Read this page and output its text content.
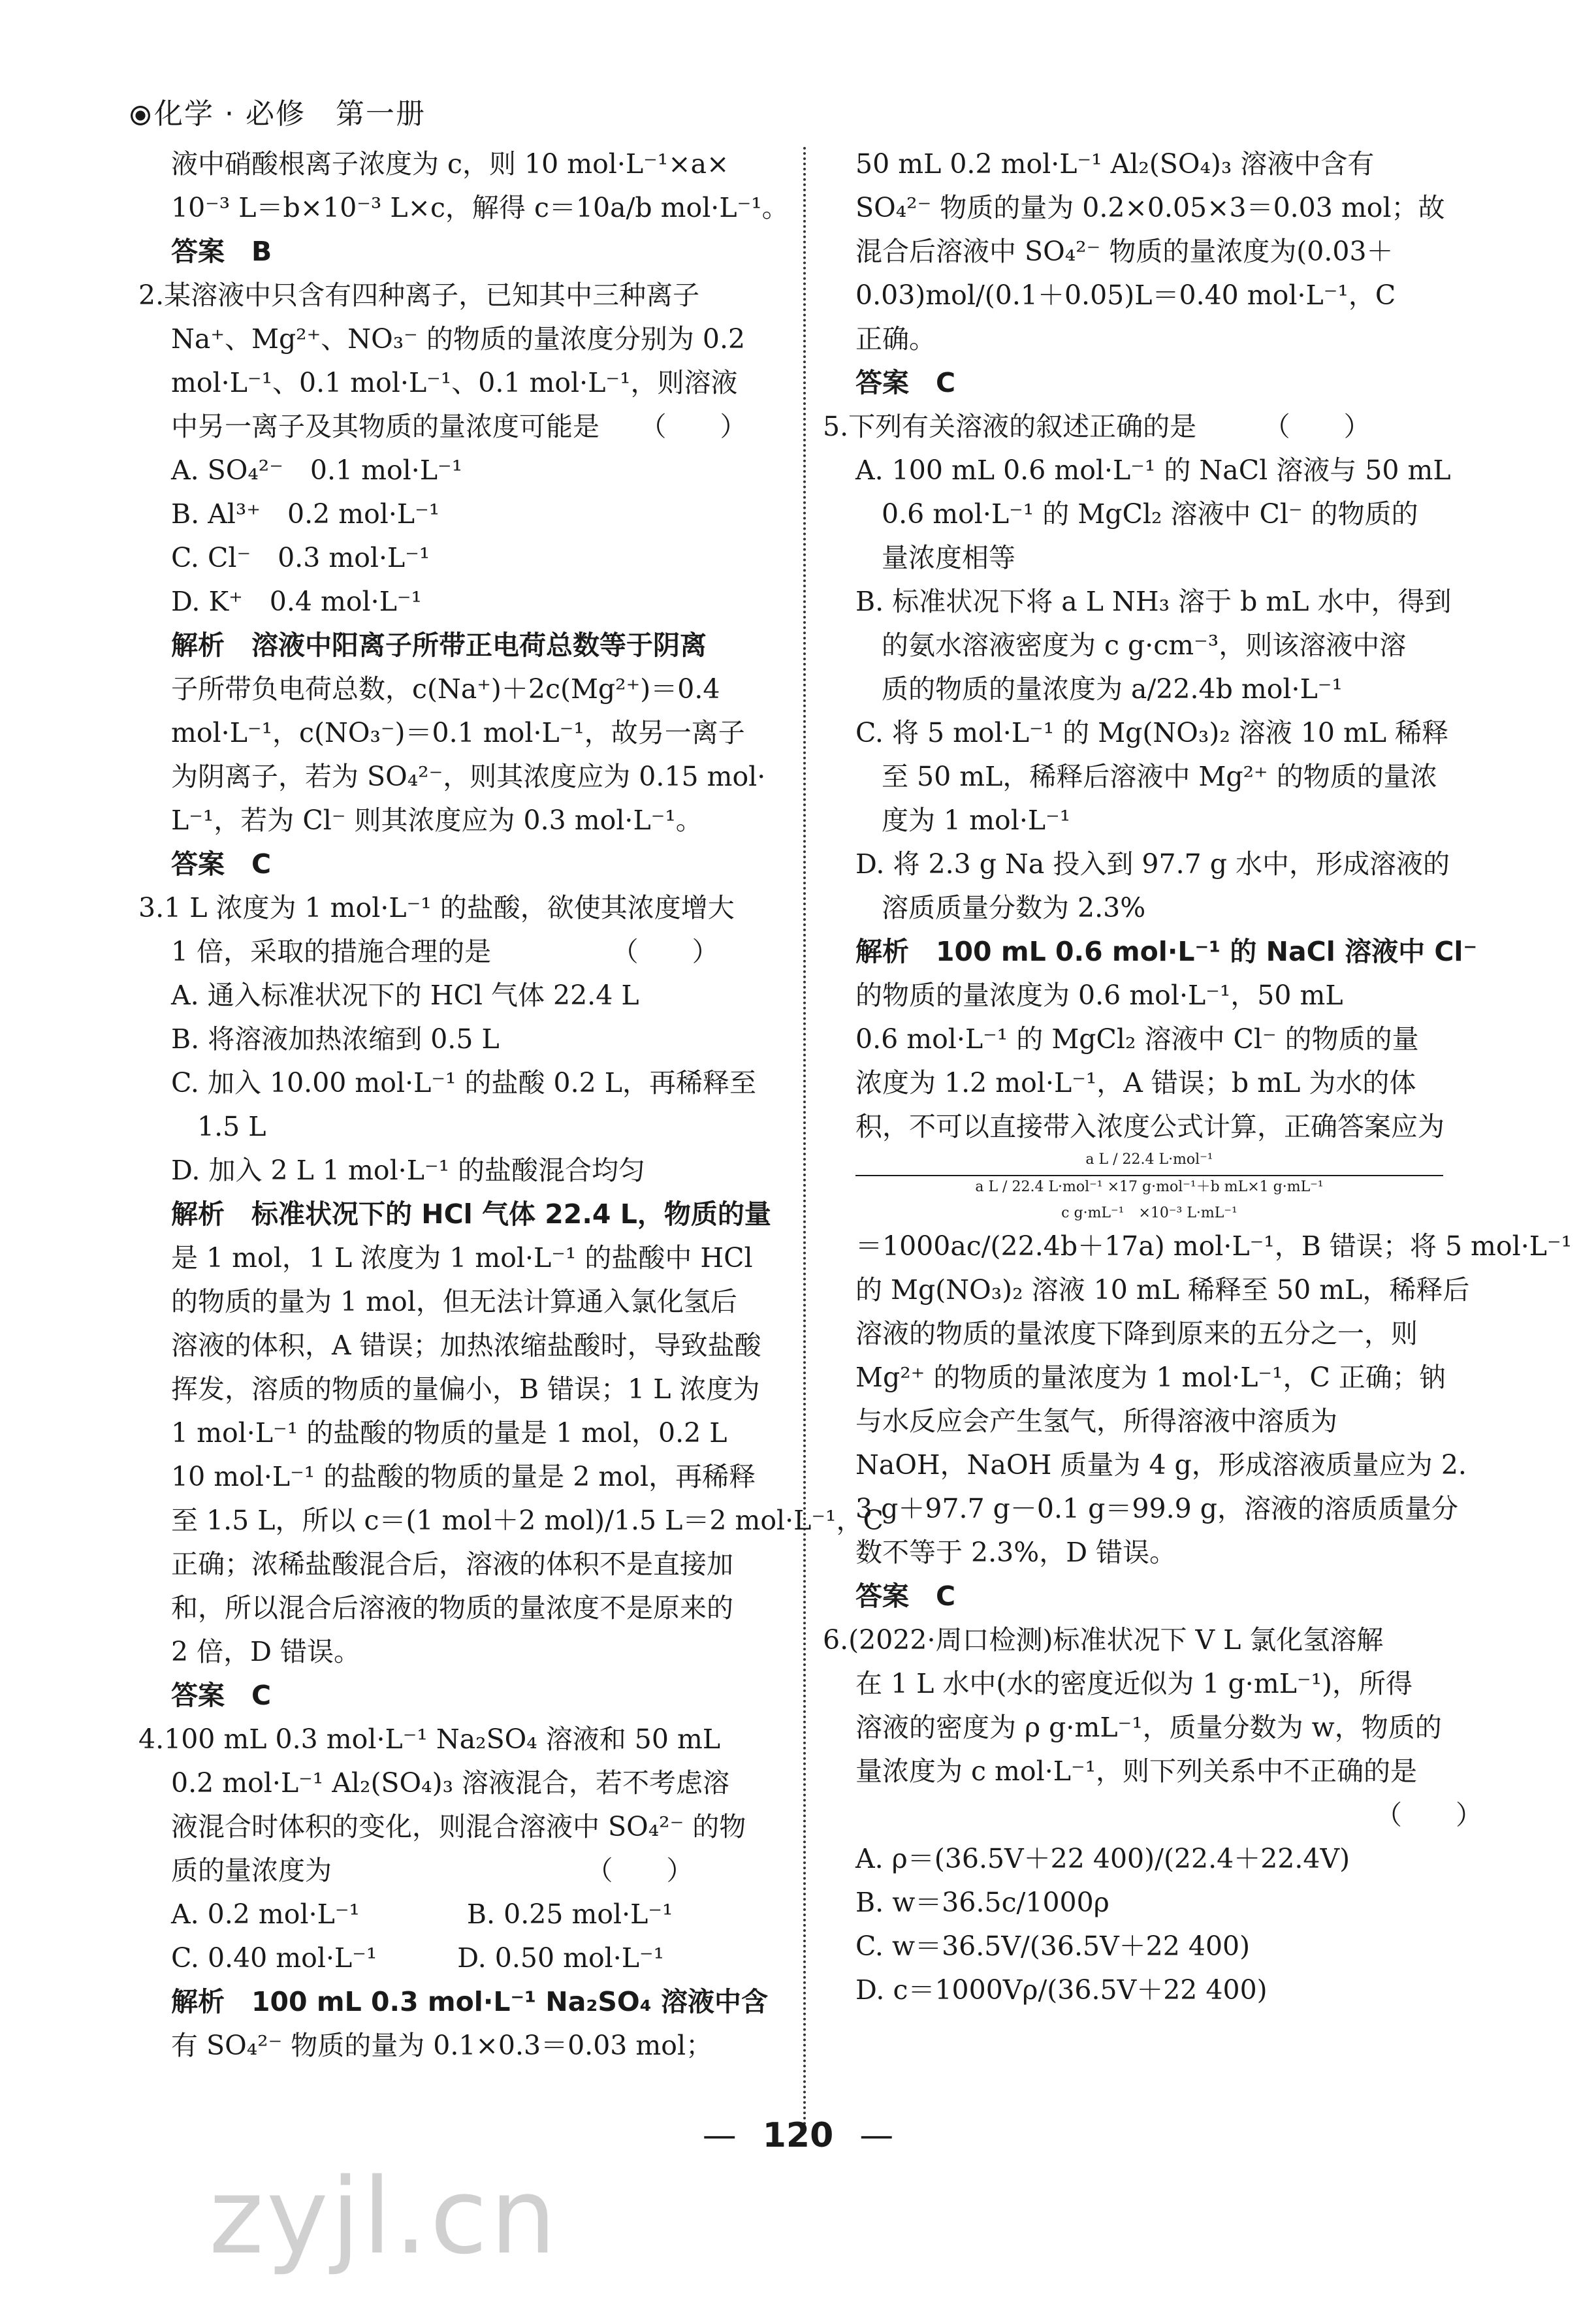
化学 · 必修　第一册
液中硝酸根离子浓度为 c，则 10 mol·L⁻¹×a×
10⁻³ L＝b×10⁻³ L×c，解得 c＝10a/b mol·L⁻¹。
答案　B
2.某溶液中只含有四种离子，已知其中三种离子
Na⁺、Mg²⁺、NO₃⁻ 的物质的量浓度分别为 0.2
mol·L⁻¹、0.1 mol·L⁻¹、0.1 mol·L⁻¹，则溶液
中另一离子及其物质的量浓度可能是　　（　　）
A. SO₄²⁻　0.1 mol·L⁻¹
B. Al³⁺　0.2 mol·L⁻¹
C. Cl⁻　0.3 mol·L⁻¹
D. K⁺　0.4 mol·L⁻¹
解析　溶液中阳离子所带正电荷总数等于阴离
子所带负电荷总数，c(Na⁺)＋2c(Mg²⁺)＝0.4
mol·L⁻¹，c(NO₃⁻)＝0.1 mol·L⁻¹，故另一离子
为阴离子，若为 SO₄²⁻，则其浓度应为 0.15 mol·
L⁻¹，若为 Cl⁻ 则其浓度应为 0.3 mol·L⁻¹。
答案　C
3.1 L 浓度为 1 mol·L⁻¹ 的盐酸，欲使其浓度增大
1 倍，采取的措施合理的是　　　　　（　　）
A. 通入标准状况下的 HCl 气体 22.4 L
B. 将溶液加热浓缩到 0.5 L
C. 加入 10.00 mol·L⁻¹ 的盐酸 0.2 L，再稀释至
1.5 L
D. 加入 2 L 1 mol·L⁻¹ 的盐酸混合均匀
解析　标准状况下的 HCl 气体 22.4 L，物质的量
是 1 mol，1 L 浓度为 1 mol·L⁻¹ 的盐酸中 HCl
的物质的量为 1 mol，但无法计算通入氯化氢后
溶液的体积，A 错误；加热浓缩盐酸时，导致盐酸
挥发，溶质的物质的量偏小，B 错误；1 L 浓度为
1 mol·L⁻¹ 的盐酸的物质的量是 1 mol，0.2 L
10 mol·L⁻¹ 的盐酸的物质的量是 2 mol，再稀释
至 1.5 L，所以 c＝(1 mol＋2 mol)/1.5 L＝2 mol·L⁻¹，C
正确；浓稀盐酸混合后，溶液的体积不是直接加
和，所以混合后溶液的物质的量浓度不是原来的
2 倍，D 错误。
答案　C
4.100 mL 0.3 mol·L⁻¹ Na₂SO₄ 溶液和 50 mL
0.2 mol·L⁻¹ Al₂(SO₄)₃ 溶液混合，若不考虑溶
液混合时体积的变化，则混合溶液中 SO₄²⁻ 的物
质的量浓度为　　　　　　　　　　（　　）
A. 0.2 mol·L⁻¹　　　　B. 0.25 mol·L⁻¹
C. 0.40 mol·L⁻¹　　　D. 0.50 mol·L⁻¹
解析　100 mL 0.3 mol·L⁻¹ Na₂SO₄ 溶液中含
有 SO₄²⁻ 物质的量为 0.1×0.3＝0.03 mol；
50 mL 0.2 mol·L⁻¹ Al₂(SO₄)₃ 溶液中含有
SO₄²⁻ 物质的量为 0.2×0.05×3＝0.03 mol；故
混合后溶液中 SO₄²⁻ 物质的量浓度为(0.03＋
0.03)mol/(0.1＋0.05)L＝0.40 mol·L⁻¹，C
正确。
答案　C
5.下列有关溶液的叙述正确的是　　　（　　）
A. 100 mL 0.6 mol·L⁻¹ 的 NaCl 溶液与 50 mL
0.6 mol·L⁻¹ 的 MgCl₂ 溶液中 Cl⁻ 的物质的
量浓度相等
B. 标准状况下将 a L NH₃ 溶于 b mL 水中，得到
的氨水溶液密度为 c g·cm⁻³，则该溶液中溶
质的物质的量浓度为 a/22.4b mol·L⁻¹
C. 将 5 mol·L⁻¹ 的 Mg(NO₃)₂ 溶液 10 mL 稀释
至 50 mL，稀释后溶液中 Mg²⁺ 的物质的量浓
度为 1 mol·L⁻¹
D. 将 2.3 g Na 投入到 97.7 g 水中，形成溶液的
溶质质量分数为 2.3%
解析　100 mL 0.6 mol·L⁻¹ 的 NaCl 溶液中 Cl⁻
的物质的量浓度为 0.6 mol·L⁻¹，50 mL
0.6 mol·L⁻¹ 的 MgCl₂ 溶液中 Cl⁻ 的物质的量
浓度为 1.2 mol·L⁻¹，A 错误；b mL 为水的体
积，不可以直接带入浓度公式计算，正确答案应为
a L / 22.4 L·mol⁻¹
a L / 22.4 L·mol⁻¹ ×17 g·mol⁻¹＋b mL×1 g·mL⁻¹
c g·mL⁻¹　×10⁻³ L·mL⁻¹
＝1000ac/(22.4b＋17a) mol·L⁻¹，B 错误；将 5 mol·L⁻¹
的 Mg(NO₃)₂ 溶液 10 mL 稀释至 50 mL，稀释后
溶液的物质的量浓度下降到原来的五分之一，则
Mg²⁺ 的物质的量浓度为 1 mol·L⁻¹，C 正确；钠
与水反应会产生氢气，所得溶液中溶质为
NaOH，NaOH 质量为 4 g，形成溶液质量应为 2.
3 g＋97.7 g－0.1 g＝99.9 g，溶液的溶质质量分
数不等于 2.3%，D 错误。
答案　C
6.(2022·周口检测)标准状况下 V L 氯化氢溶解
在 1 L 水中(水的密度近似为 1 g·mL⁻¹)，所得
溶液的密度为 ρ g·mL⁻¹，质量分数为 w，物质的
量浓度为 c mol·L⁻¹，则下列关系中不正确的是
（　　）
A. ρ＝(36.5V＋22 400)/(22.4＋22.4V)
B. w＝36.5c/1000ρ
C. w＝36.5V/(36.5V＋22 400)
D. c＝1000Vρ/(36.5V＋22 400)
— 120 —
zyjl.cn
